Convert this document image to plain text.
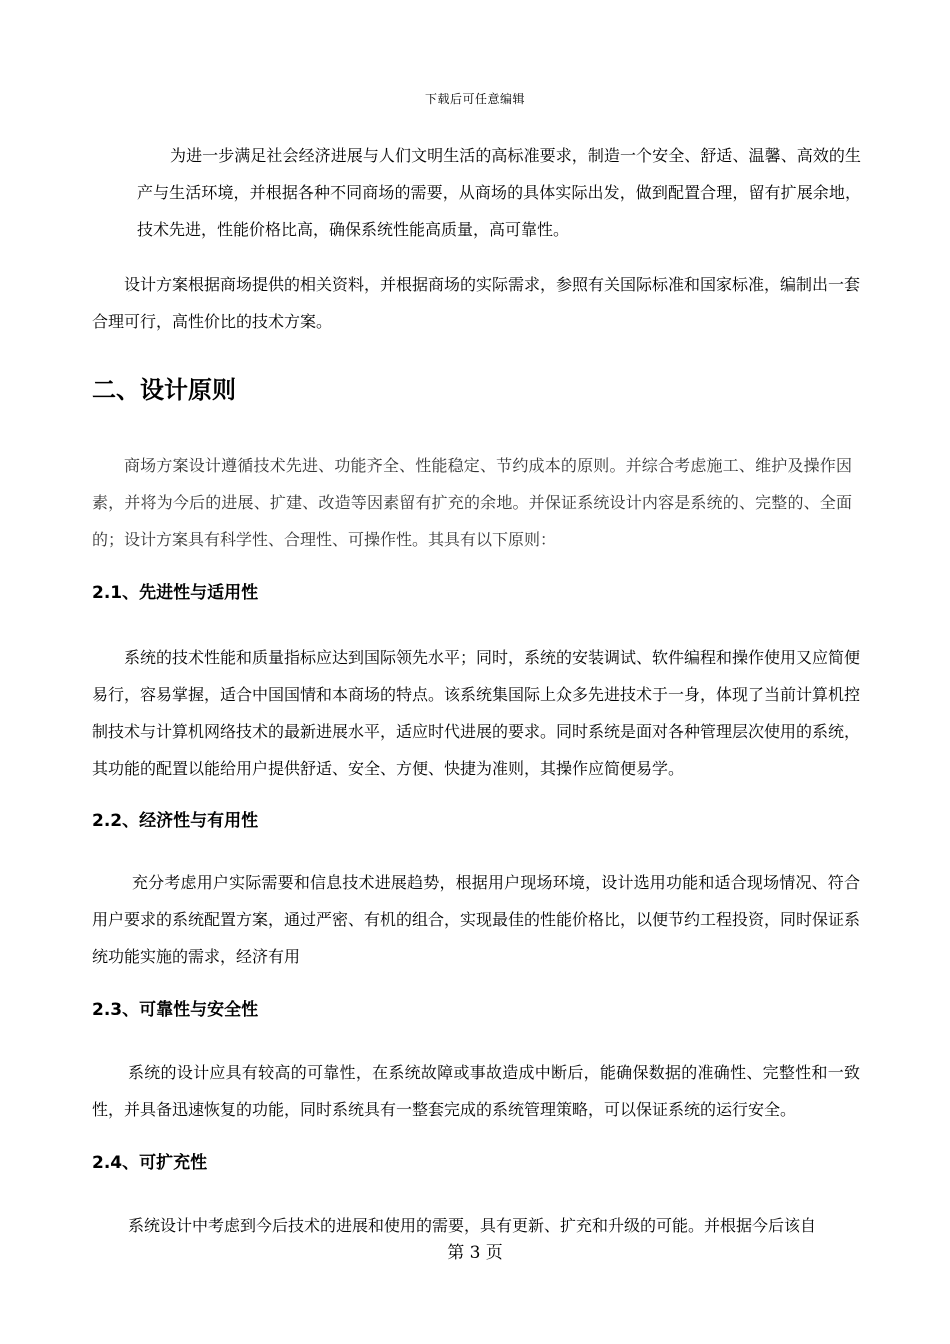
下载后可任意编辑

为进一步满足社会经济进展与人们文明生活的高标准要求，制造一个安全、舒适、温馨、高效的生产与生活环境，并根据各种不同商场的需要，从商场的具体实际出发，做到配置合理，留有扩展余地，技术先进，性能价格比高，确保系统性能高质量，高可靠性。

设计方案根据商场提供的相关资料，并根据商场的实际需求，参照有关国际标准和国家标准，编制出一套合理可行，高性价比的技术方案。

二、设计原则

商场方案设计遵循技术先进、功能齐全、性能稳定、节约成本的原则。并综合考虑施工、维护及操作因素，并将为今后的进展、扩建、改造等因素留有扩充的余地。并保证系统设计内容是系统的、完整的、全面的；设计方案具有科学性、合理性、可操作性。其具有以下原则：

2.1、先进性与适用性

系统的技术性能和质量指标应达到国际领先水平；同时，系统的安装调试、软件编程和操作使用又应简便易行，容易掌握，适合中国国情和本商场的特点。该系统集国际上众多先进技术于一身，体现了当前计算机控制技术与计算机网络技术的最新进展水平，适应时代进展的要求。同时系统是面对各种管理层次使用的系统，其功能的配置以能给用户提供舒适、安全、方便、快捷为准则，其操作应简便易学。

2.2、经济性与有用性

充分考虑用户实际需要和信息技术进展趋势，根据用户现场环境，设计选用功能和适合现场情况、符合用户要求的系统配置方案，通过严密、有机的组合，实现最佳的性能价格比，以便节约工程投资，同时保证系统功能实施的需求，经济有用

2.3、可靠性与安全性

系统的设计应具有较高的可靠性，在系统故障或事故造成中断后，能确保数据的准确性、完整性和一致性，并具备迅速恢复的功能，同时系统具有一整套完成的系统管理策略，可以保证系统的运行安全。

2.4、可扩充性

系统设计中考虑到今后技术的进展和使用的需要，具有更新、扩充和升级的可能。并根据今后该自

第 3 页
